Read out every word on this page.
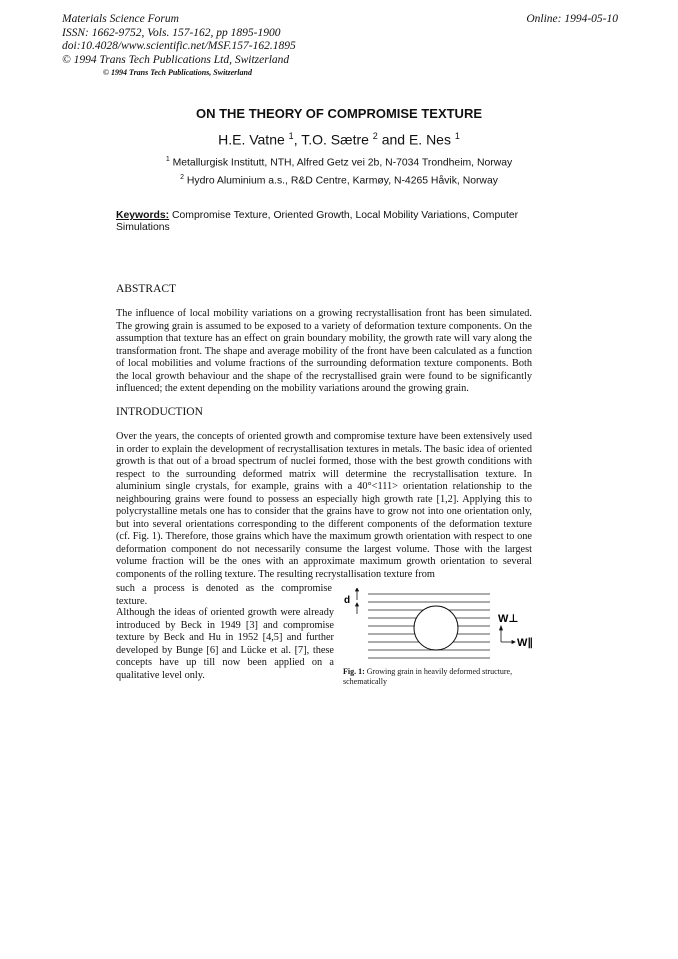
Materials Science Forum
ISSN: 1662-9752, Vols. 157-162, pp 1895-1900
doi:10.4028/www.scientific.net/MSF.157-162.1895
© 1994 Trans Tech Publications Ltd, Switzerland
Online: 1994-05-10
© 1994 Trans Tech Publications, Switzerland
ON THE THEORY OF COMPROMISE TEXTURE
H.E. Vatne $^1$, T.O. Sætre $^2$ and E. Nes $^1$
$^1$ Metallurgisk Institutt, NTH, Alfred Getz vei 2b, N-7034 Trondheim, Norway
$^2$ Hydro Aluminium a.s., R&D Centre, Karmøy, N-4265 Håvik, Norway
Keywords: Compromise Texture, Oriented Growth, Local Mobility Variations, Computer Simulations
ABSTRACT
The influence of local mobility variations on a growing recrystallisation front has been simulated. The growing grain is assumed to be exposed to a variety of deformation texture components. On the assumption that texture has an effect on grain boundary mobility, the growth rate will vary along the transformation front. The shape and average mobility of the front have been calculated as a function of local mobilities and volume fractions of the surrounding deformation texture components. Both the local growth behaviour and the shape of the recrystallised grain were found to be significantly influenced; the extent depending on the mobility variations around the growing grain.
INTRODUCTION
Over the years, the concepts of oriented growth and compromise texture have been extensively used in order to explain the development of recrystallisation textures in metals. The basic idea of oriented growth is that out of a broad spectrum of nuclei formed, those with the best growth conditions with respect to the surrounding deformed matrix will determine the recrystallisation texture. In aluminium single crystals, for example, grains with a 40°<111> orientation relationship to the neighbouring grains were found to possess an especially high growth rate [1,2]. Applying this to polycrystalline metals one has to consider that the grains have to grow not into one orientation only, but into several orientations corresponding to the different components of the deformation texture (cf. Fig. 1). Therefore, those grains which have the maximum growth orientation with respect to one deformation component do not necessarily consume the largest volume. Those with the largest volume fraction will be the ones with an approximate maximum growth orientation to several components of the rolling texture. The resulting recrystallisation texture from
such a process is denoted as the compromise texture.
Although the ideas of oriented growth were already introduced by Beck in 1949 [3] and compromise texture by Beck and Hu in 1952 [4,5] and further developed by Bunge [6] and Lücke et al. [7], these concepts have up till now been applied on a qualitative level only.
d
W⊥
W∥
Fig. 1: Growing grain in heavily deformed structure, schematically
